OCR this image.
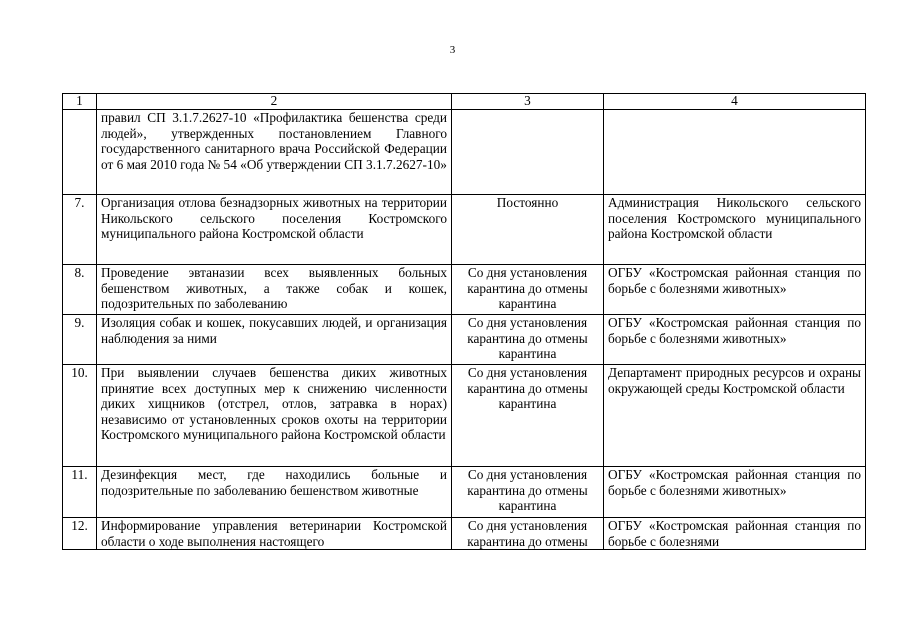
3
1	2	3	4
	правил СП 3.1.7.2627-10 «Профилактика бешенства среди людей», утвержденных постановлением Главного государственного санитарного врача Российской Федерации от 6 мая 2010 года № 54 «Об утверждении СП 3.1.7.2627-10»		
7.	Организация отлова безнадзорных животных на территории Никольского сельского поселения Костромского муниципального района Костромской области	Постоянно	Администрация Никольского сельского поселения Костромского муниципального района Костромской области
8.	Проведение эвтаназии всех выявленных больных бешенством животных, а также собак и кошек, подозрительных по заболеванию	Со дня установления карантина до отмены карантина	ОГБУ «Костромская районная станция по борьбе с болезнями животных»
9.	Изоляция собак и кошек, покусавших людей, и организация наблюдения за ними	Со дня установления карантина до отмены карантина	ОГБУ «Костромская районная станция по борьбе с болезнями животных»
10.	При выявлении случаев бешенства диких животных принятие всех доступных мер к снижению численности диких хищников (отстрел, отлов, затравка в норах) независимо от установленных сроков охоты на территории Костромского муниципального района Костромской области	Со дня установления карантина до отмены карантина	Департамент природных ресурсов и охраны окружающей среды Костромской области
11.	Дезинфекция мест, где находились больные и подозрительные по заболеванию бешенством животные	Со дня установления карантина до отмены карантина	ОГБУ «Костромская районная станция по борьбе с болезнями животных»
12.	Информирование управления ветеринарии Костромской области о ходе выполнения настоящего	Со дня установления карантина до отмены	ОГБУ «Костромская районная станция по борьбе с болезнями
